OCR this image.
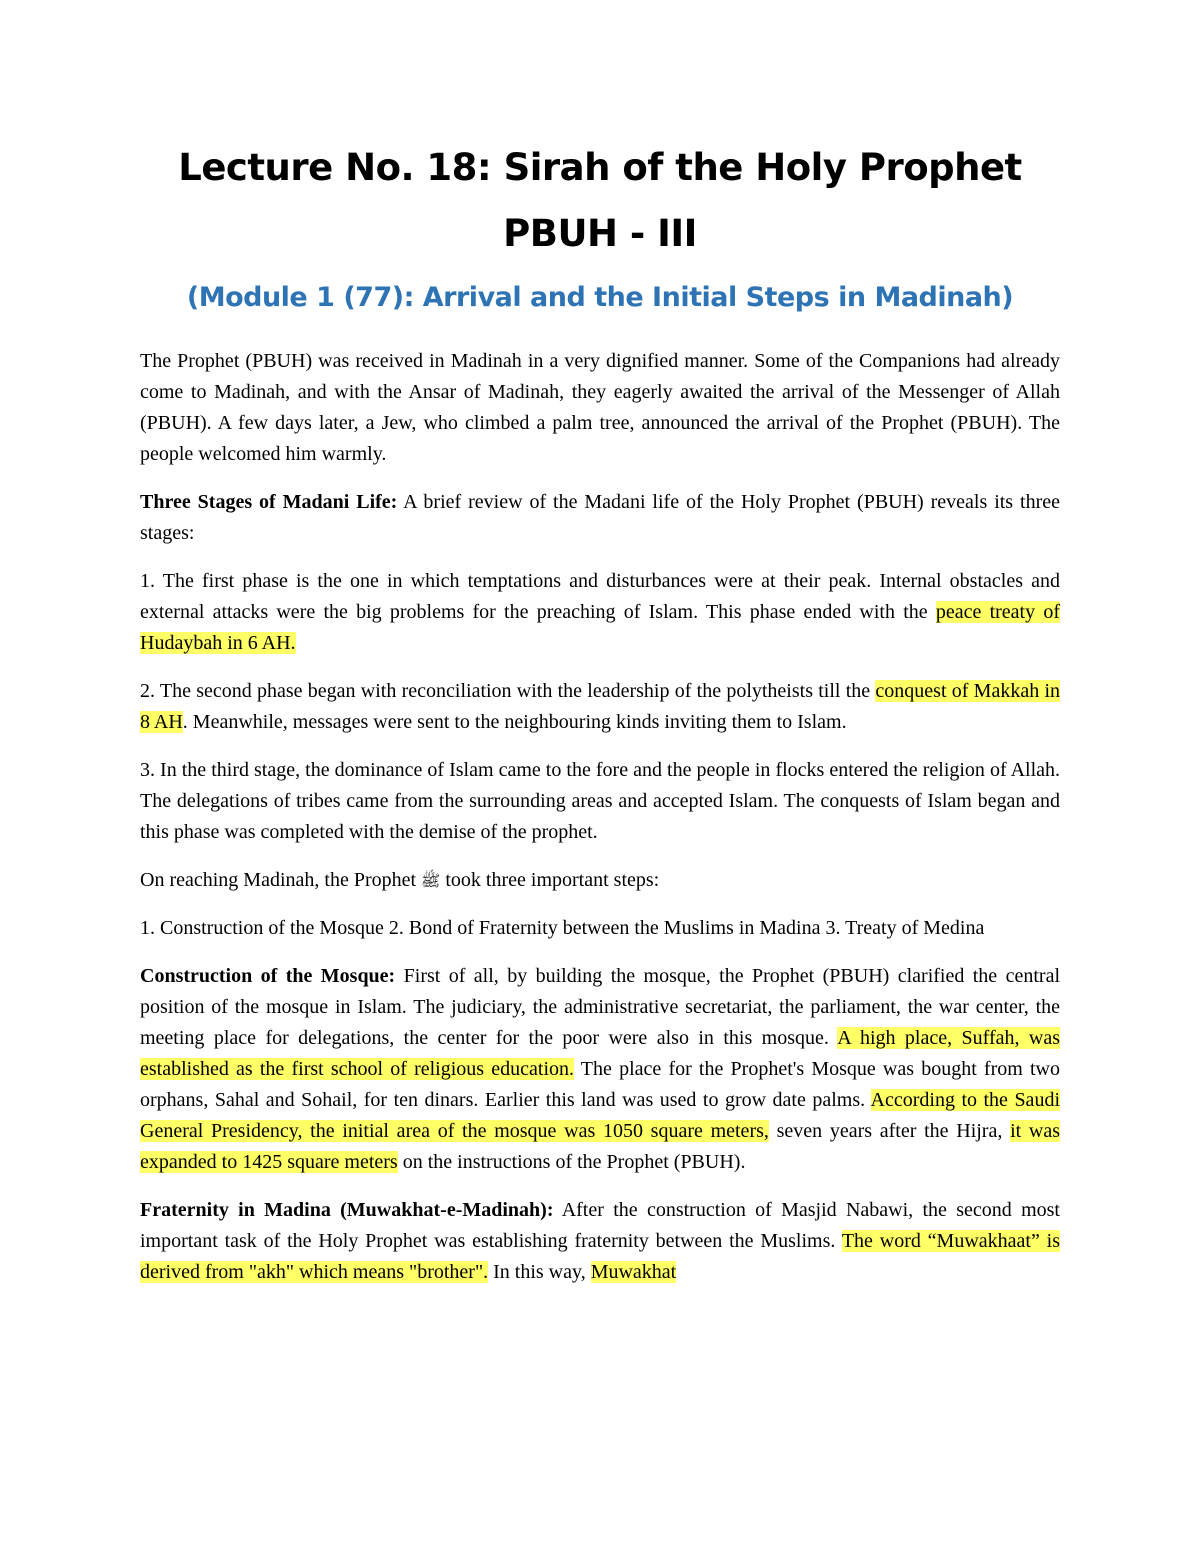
Lecture No. 18: Sirah of the Holy Prophet
PBUH - III
(Module 1 (77): Arrival and the Initial Steps in Madinah)

The Prophet (PBUH) was received in Madinah in a very dignified manner. Some of the Companions had already come to Madinah, and with the Ansar of Madinah, they eagerly awaited the arrival of the Messenger of Allah (PBUH). A few days later, a Jew, who climbed a palm tree, announced the arrival of the Prophet (PBUH). The people welcomed him warmly.

Three Stages of Madani Life: A brief review of the Madani life of the Holy Prophet (PBUH) reveals its three stages:

1. The first phase is the one in which temptations and disturbances were at their peak. Internal obstacles and external attacks were the big problems for the preaching of Islam. This phase ended with the peace treaty of Hudaybah in 6 AH.

2. The second phase began with reconciliation with the leadership of the polytheists till the conquest of Makkah in 8 AH. Meanwhile, messages were sent to the neighbouring kinds inviting them to Islam.

3. In the third stage, the dominance of Islam came to the fore and the people in flocks entered the religion of Allah. The delegations of tribes came from the surrounding areas and accepted Islam. The conquests of Islam began and this phase was completed with the demise of the prophet.

On reaching Madinah, the Prophet ﷺ took three important steps:

1. Construction of the Mosque 2. Bond of Fraternity between the Muslims in Madina 3. Treaty of Medina

Construction of the Mosque: First of all, by building the mosque, the Prophet (PBUH) clarified the central position of the mosque in Islam. The judiciary, the administrative secretariat, the parliament, the war center, the meeting place for delegations, the center for the poor were also in this mosque. A high place, Suffah, was established as the first school of religious education. The place for the Prophet's Mosque was bought from two orphans, Sahal and Sohail, for ten dinars. Earlier this land was used to grow date palms. According to the Saudi General Presidency, the initial area of the mosque was 1050 square meters, seven years after the Hijra, it was expanded to 1425 square meters on the instructions of the Prophet (PBUH).

Fraternity in Madina (Muwakhat-e-Madinah): After the construction of Masjid Nabawi, the second most important task of the Holy Prophet was establishing fraternity between the Muslims. The word “Muwakhaat” is derived from "akh" which means "brother". In this way, Muwakhat
